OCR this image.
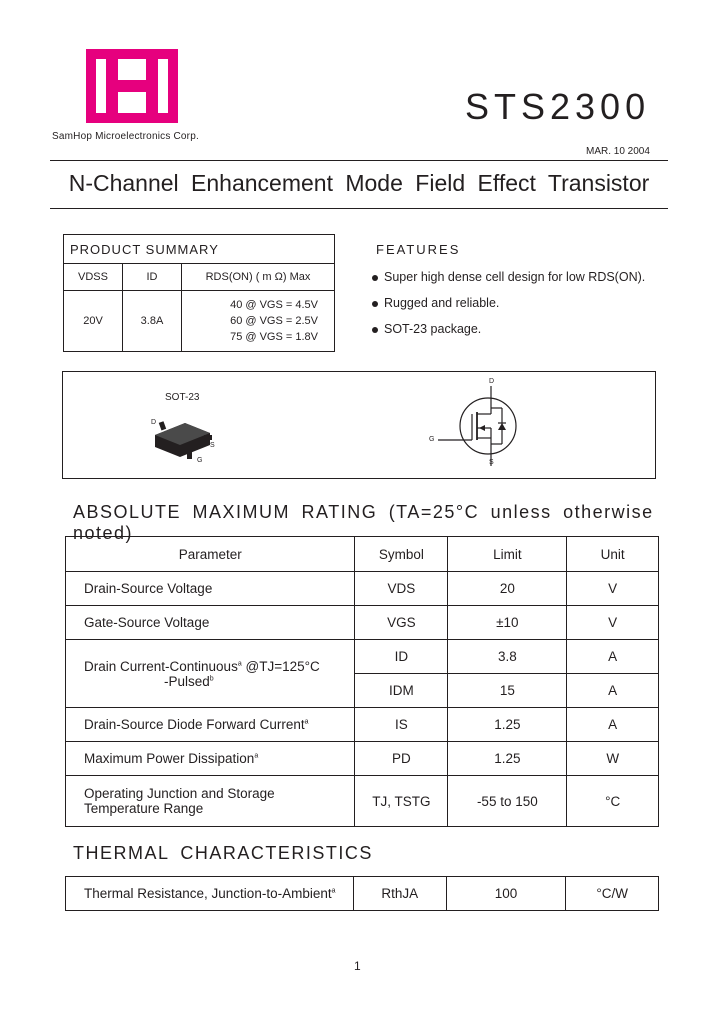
SamHop Microelectronics Corp.
STS2300
MAR. 10 2004
N-Channel Enhancement Mode Field Effect Transistor
PRODUCT SUMMARY		
VDSS	ID	RDS(ON) ( m Ω) Max
20V	3.8A	40 @ VGS = 4.5V
60 @ VGS = 2.5V
75 @ VGS = 1.8V
FEATURES
Super high dense cell design for low RDS(ON).
Rugged and reliable.
SOT-23 package.
SOT-23
D
S
G
D
G
S
ABSOLUTE MAXIMUM RATING (TA=25°C unless otherwise noted)
Parameter	Symbol	Limit	Unit
Drain-Source Voltage	VDS	20	V
Gate-Source Voltage	VGS	±10	V

Drain Current-Continuous$^a$ @TJ=125°C
-Pulsed$^b$	ID	3.8	A
	IDM	15	A
Drain-Source Diode Forward Current$^a$	IS	1.25	A
Maximum Power Dissipation$^a$	PD	1.25	W

Operating Junction and Storage
Temperature Range	TJ, TSTG	-55 to 150	°C
THERMAL CHARACTERISTICS
Thermal Resistance, Junction-to-Ambient$^a$	RthJA	100	°C/W
1
